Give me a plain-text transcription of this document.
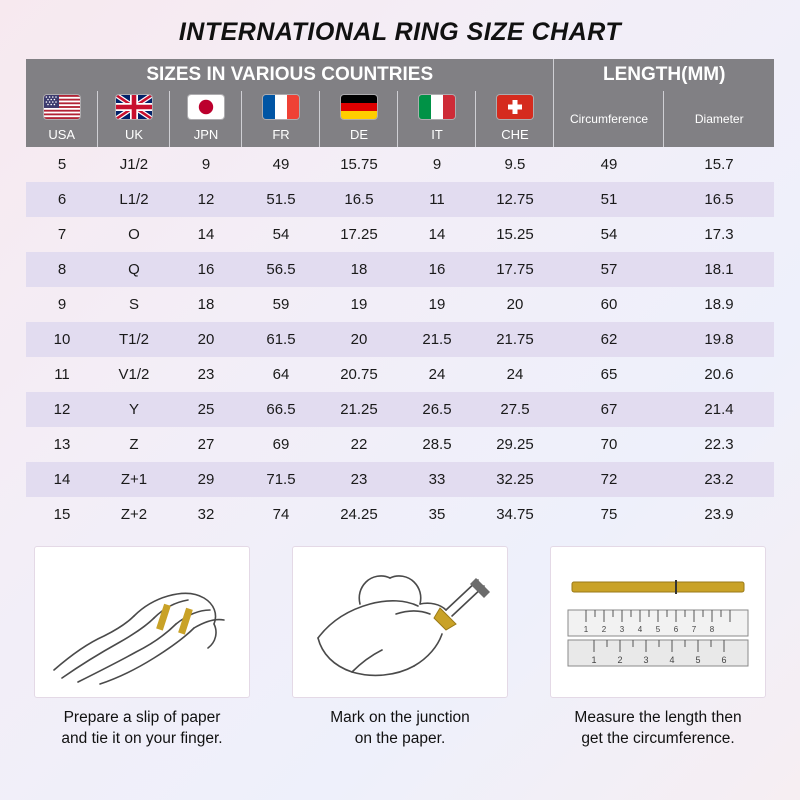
INTERNATIONAL RING SIZE CHART
SIZES IN VARIOUS COUNTRIES							LENGTH(MM)	

USA	UK	JPN	FR	DE	IT	CHE	Circumference	Diameter
5	J1/2	9	49	15.75	9	9.5	49	15.7
6	L1/2	12	51.5	16.5	11	12.75	51	16.5
7	O	14	54	17.25	14	15.25	54	17.3
8	Q	16	56.5	18	16	17.75	57	18.1
9	S	18	59	19	19	20	60	18.9
10	T1/2	20	61.5	20	21.5	21.75	62	19.8
11	V1/2	23	64	20.75	24	24	65	20.6
12	Y	25	66.5	21.25	26.5	27.5	67	21.4
13	Z	27	69	22	28.5	29.25	70	22.3
14	Z+1	29	71.5	23	33	32.25	72	23.2
15	Z+2	32	74	24.25	35	34.75	75	23.9
Prepare a slip of paper
and tie it on your finger.
Mark on the junction
on the paper.
1 2 3 4 5 6 7 8
1 2 3 4 5 6
Measure the length then
get the circumference.
